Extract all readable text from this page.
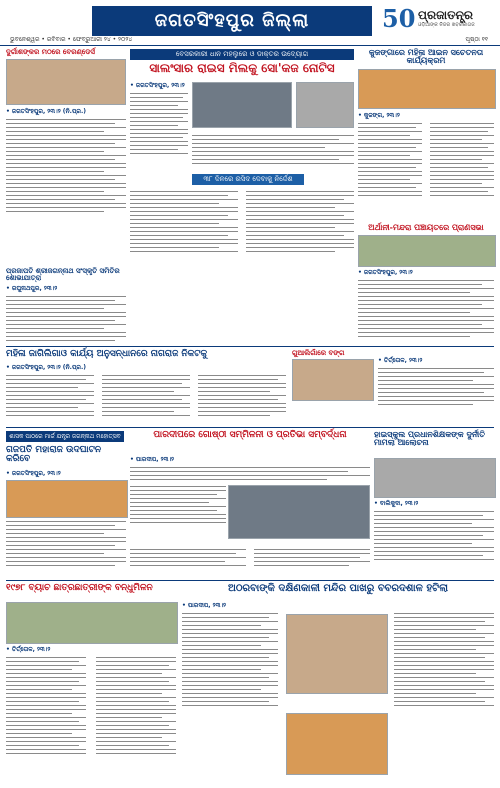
ଜଗତସିଂହପୁର ଜିଲ୍ଲା	50 ପ୍ରଜାତନ୍ତ୍ର
ଓଡ଼ିଆଙ୍କ ନିଜର ଖବରକାଗଜ
ଭୁବନେଶ୍ୱର • ରବିବାର • ଫେବ୍ରୁଆରୀ ୨୪ • ୨୦୨୪	ପୃଷ୍ଠା ୧୧
ଦୁର୍ଗାଶଙ୍କର ମଠରେ ବେରଣ୍ଡେର୍ସ
• ଜଗତସିଂହପୁର, ୨୩।୨ (ନି.ପ୍ର.)
ବେସରକାରୀ ଧାନ ମହଲୁରେ ଓ ଡାକ୍ତର ଉଦ୍ୟୋଗ
ସାଲଂସାର ରାଇସ ମିଲକୁ ସୋ'କଜ ନୋଟିସ
• ଜଗତସିଂହପୁର, ୨୩।୨
୩୮ ଦିନରେ ରସିଦ ଦେବାକୁ ନିର୍ଦ୍ଦେଶ
କୁଜଙ୍ଗାରେ ମହିଳା ଆଇନ ସଚେତନତା କାର୍ଯ୍ୟକ୍ରମ
• କୁଜଙ୍ଗ, ୨୩।୨
ପ୍ରଜାପତି ଶ୍ରୀଜଗନ୍ନାଥ ସଂସ୍କୃତି ସମିତିର ଶୋଭାଯାତ୍ରା
• ରଘୁନାଥପୁର, ୨୩।୨
ଅର୍ଥାନୀ-ମନ୍ଦରା ପଞ୍ଚାୟତରେ ପ୍ରାଣସଭା
• ଜଗତସିଂହପୁର, ୨୩।୨
ମହିଳା ଜାଗିଲିଗାଓ କାର୍ଯ୍ୟ ଅନୁସନ୍ଧାନରେ ନାଗରାଜ ନିକଟକୁ
• ଜଗତସିଂହପୁର, ୨୩।୨ (ନି.ପ୍ର.)
ଗୁଆଲିଗାଁରେ ବଙ୍ଗ
• ତିର୍ତ୍ତୋଳ, ୨୩।୨
ପାରଦୀପରେ ଗୋଷ୍ଠୀ ସମ୍ମିଳନୀ ଓ ପ୍ରତିଭା ସମ୍ବର୍ଦ୍ଧନା
• ପାରଦୀପ, ୨୩।୨
ଶାସକ ପାଠରେ ମାର୍ଜ ଯନ୍ତ୍ର ଜଗନ୍ନାଥ ମହୋତ୍ସବ
ଗଜପତି ମହାରାଜ ଉଦଘାଟନ କରିବେ
• ଜଗତସିଂହପୁର, ୨୩।୨
ହାଇସ୍କୁଲ ପ୍ରଧାନଶିକ୍ଷକଙ୍କ ଦୁର୍ନୀତି ମାମଲା ଆଲୋଚନା
• ବାଲିକୁଦା, ୨୩।୨
୧୯୭୮ ବ୍ୟାଚ ଛାତ୍ରଛାତ୍ରୀଙ୍କ ବନ୍ଧୁମିଳନ
• ତିର୍ତ୍ତୋଳ, ୨୩।୨
ଅଠରବାଙ୍କି ଦକ୍ଷିଣକାଳୀ ମନ୍ଦିର ପାଖରୁ ବବରଦଶାଳ ହଟିଲା
• ପାରଦୀପ, ୨୩।୨
